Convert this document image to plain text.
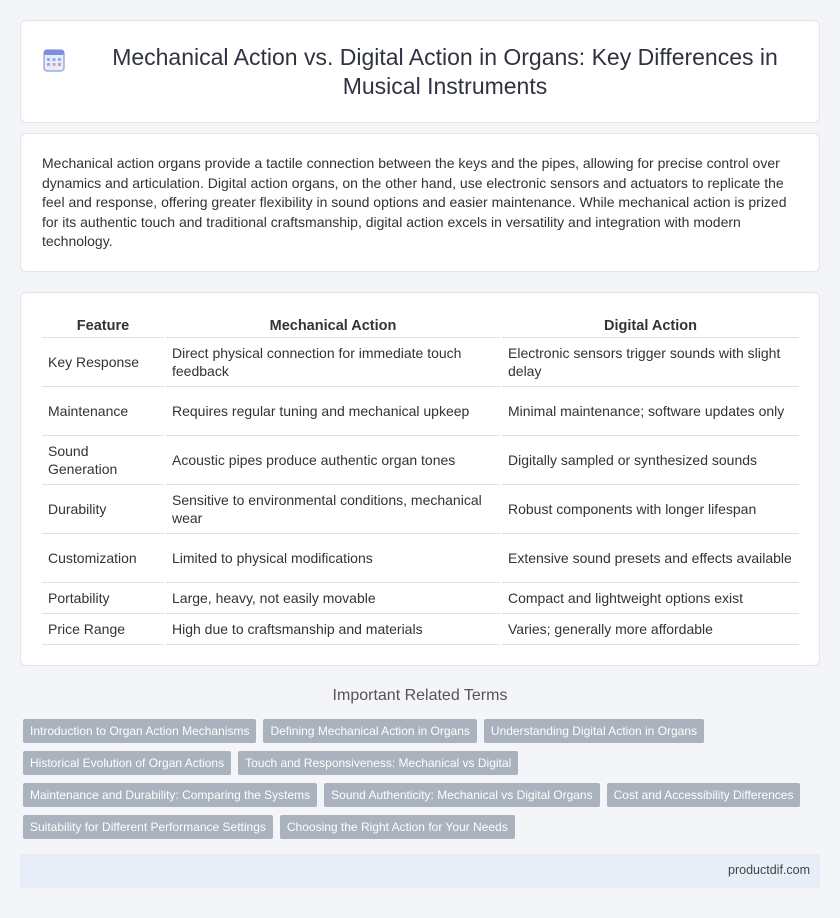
Mechanical Action vs. Digital Action in Organs: Key Differences in Musical Instruments

Mechanical action organs provide a tactile connection between the keys and the pipes, allowing for precise control over dynamics and articulation. Digital action organs, on the other hand, use electronic sensors and actuators to replicate the feel and response, offering greater flexibility in sound options and easier maintenance. While mechanical action is prized for its authentic touch and traditional craftsmanship, digital action excels in versatility and integration with modern technology.

Feature	Mechanical Action	Digital Action
Key Response	Direct physical connection for immediate touch feedback	Electronic sensors trigger sounds with slight delay
Maintenance	Requires regular tuning and mechanical upkeep	Minimal maintenance; software updates only
Sound Generation	Acoustic pipes produce authentic organ tones	Digitally sampled or synthesized sounds
Durability	Sensitive to environmental conditions, mechanical wear	Robust components with longer lifespan
Customization	Limited to physical modifications	Extensive sound presets and effects available
Portability	Large, heavy, not easily movable	Compact and lightweight options exist
Price Range	High due to craftsmanship and materials	Varies; generally more affordable
Important Related Terms
Introduction to Organ Action Mechanisms	Defining Mechanical Action in Organs	Understanding Digital Action in Organs
Historical Evolution of Organ Actions	Touch and Responsiveness: Mechanical vs Digital
Maintenance and Durability: Comparing the Systems	Sound Authenticity: Mechanical vs Digital Organs	Cost and Accessibility Differences
Suitability for Different Performance Settings	Choosing the Right Action for Your Needs
productdif.com
